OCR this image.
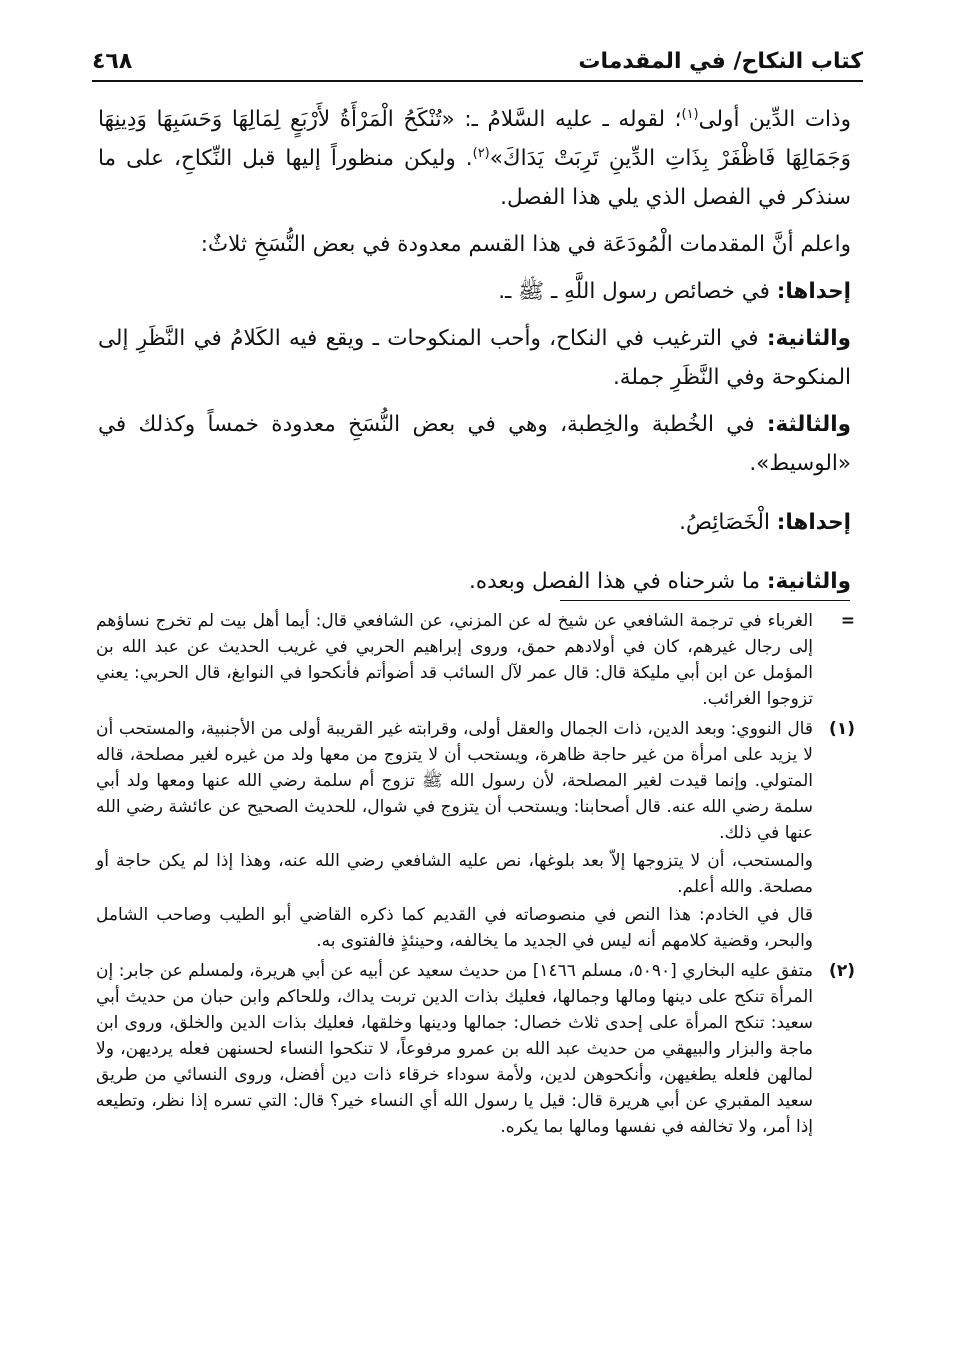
٤٦٨	كتاب النكاح/ في المقدمات

وذات الدِّين أولى$^{(١)}$؛ لقوله ـ عليه السَّلامُ ـ: «تُنْكَحُ الْمَرْأَةُ لأَرْبَعٍ لِمَالِهَا وَحَسَبِهَا وَدِينِهَا وَجَمَالِهَا فَاظْفَرْ بِذَاتِ الدِّينِ تَرِبَتْ يَدَاكَ»$^{(٢)}$. وليكن منظوراً إليها قبل النِّكاحِ، على ما سنذكر في الفصل الذي يلي هذا الفصل.

واعلم أنَّ المقدمات الْمُودَعَة في هذا القسم معدودة في بعض النُّسَخِ ثلاثٌ:

إحداها: في خصائص رسول اللَّهِ ـ ﷺ ـ.

والثانية: في الترغيب في النكاح، وأحب المنكوحات ـ ويقع فيه الكَلامُ في النَّظَرِ إلى المنكوحة وفي النَّظَرِ جملة.

والثالثة: في الخُطبة والخِطبة، وهي في بعض النُّسَخِ معدودة خمساً وكذلك في «الوسيط».

إحداها: الْخَصَائِصُ.

والثانية: ما شرحناه في هذا الفصل وبعده.

=

الغرباء في ترجمة الشافعي عن شيخ له عن المزني، عن الشافعي قال: أيما أهل بيت لم تخرج نساؤهم إلى رجال غيرهم، كان في أولادهم حمق، وروى إبراهيم الحربي في غريب الحديث عن عبد الله بن المؤمل عن ابن أبي مليكة قال: قال عمر لآل السائب قد أضوأتم فأنكحوا في النوابغ، قال الحربي: يعني تزوجوا الغرائب.

(١)

قال النووي: وبعد الدين، ذات الجمال والعقل أولى، وقرابته غير القريبة أولى من الأجنبية، والمستحب أن لا يزيد على امرأة من غير حاجة ظاهرة، ويستحب أن لا يتزوج من معها ولد من غيره لغير مصلحة، قاله المتولي. وإنما قيدت لغير المصلحة، لأن رسول الله ﷺ تزوج أم سلمة رضي الله عنها ومعها ولد أبي سلمة رضي الله عنه. قال أصحابنا: ويستحب أن يتزوج في شوال، للحديث الصحيح عن عائشة رضي الله عنها في ذلك.

والمستحب، أن لا يتزوجها إلاّ بعد بلوغها، نص عليه الشافعي رضي الله عنه، وهذا إذا لم يكن حاجة أو مصلحة. والله أعلم.

قال في الخادم: هذا النص في منصوصاته في القديم كما ذكره القاضي أبو الطيب وصاحب الشامل والبحر، وقضية كلامهم أنه ليس في الجديد ما يخالفه، وحينئذٍ فالفتوى به.

(٢)

متفق عليه البخاري [٥٠٩٠، مسلم ١٤٦٦] من حديث سعيد عن أبيه عن أبي هريرة، ولمسلم عن جابر: إن المرأة تنكح على دينها ومالها وجمالها، فعليك بذات الدين تربت يداك، وللحاكم وابن حبان من حديث أبي سعيد: تنكح المرأة على إحدى ثلاث خصال: جمالها ودينها وخلقها، فعليك بذات الدين والخلق، وروى ابن ماجة والبزار والبيهقي من حديث عبد الله بن عمرو مرفوعاً، لا تنكحوا النساء لحسنهن فعله يرديهن، ولا لمالهن فلعله يطغيهن، وأنكحوهن لدين، ولأمة سوداء خرقاء ذات دين أفضل، وروى النسائي من طريق سعيد المقبري عن أبي هريرة قال: قيل يا رسول الله أي النساء خير؟ قال: التي تسره إذا نظر، وتطيعه إذا أمر، ولا تخالفه في نفسها ومالها بما يكره.
